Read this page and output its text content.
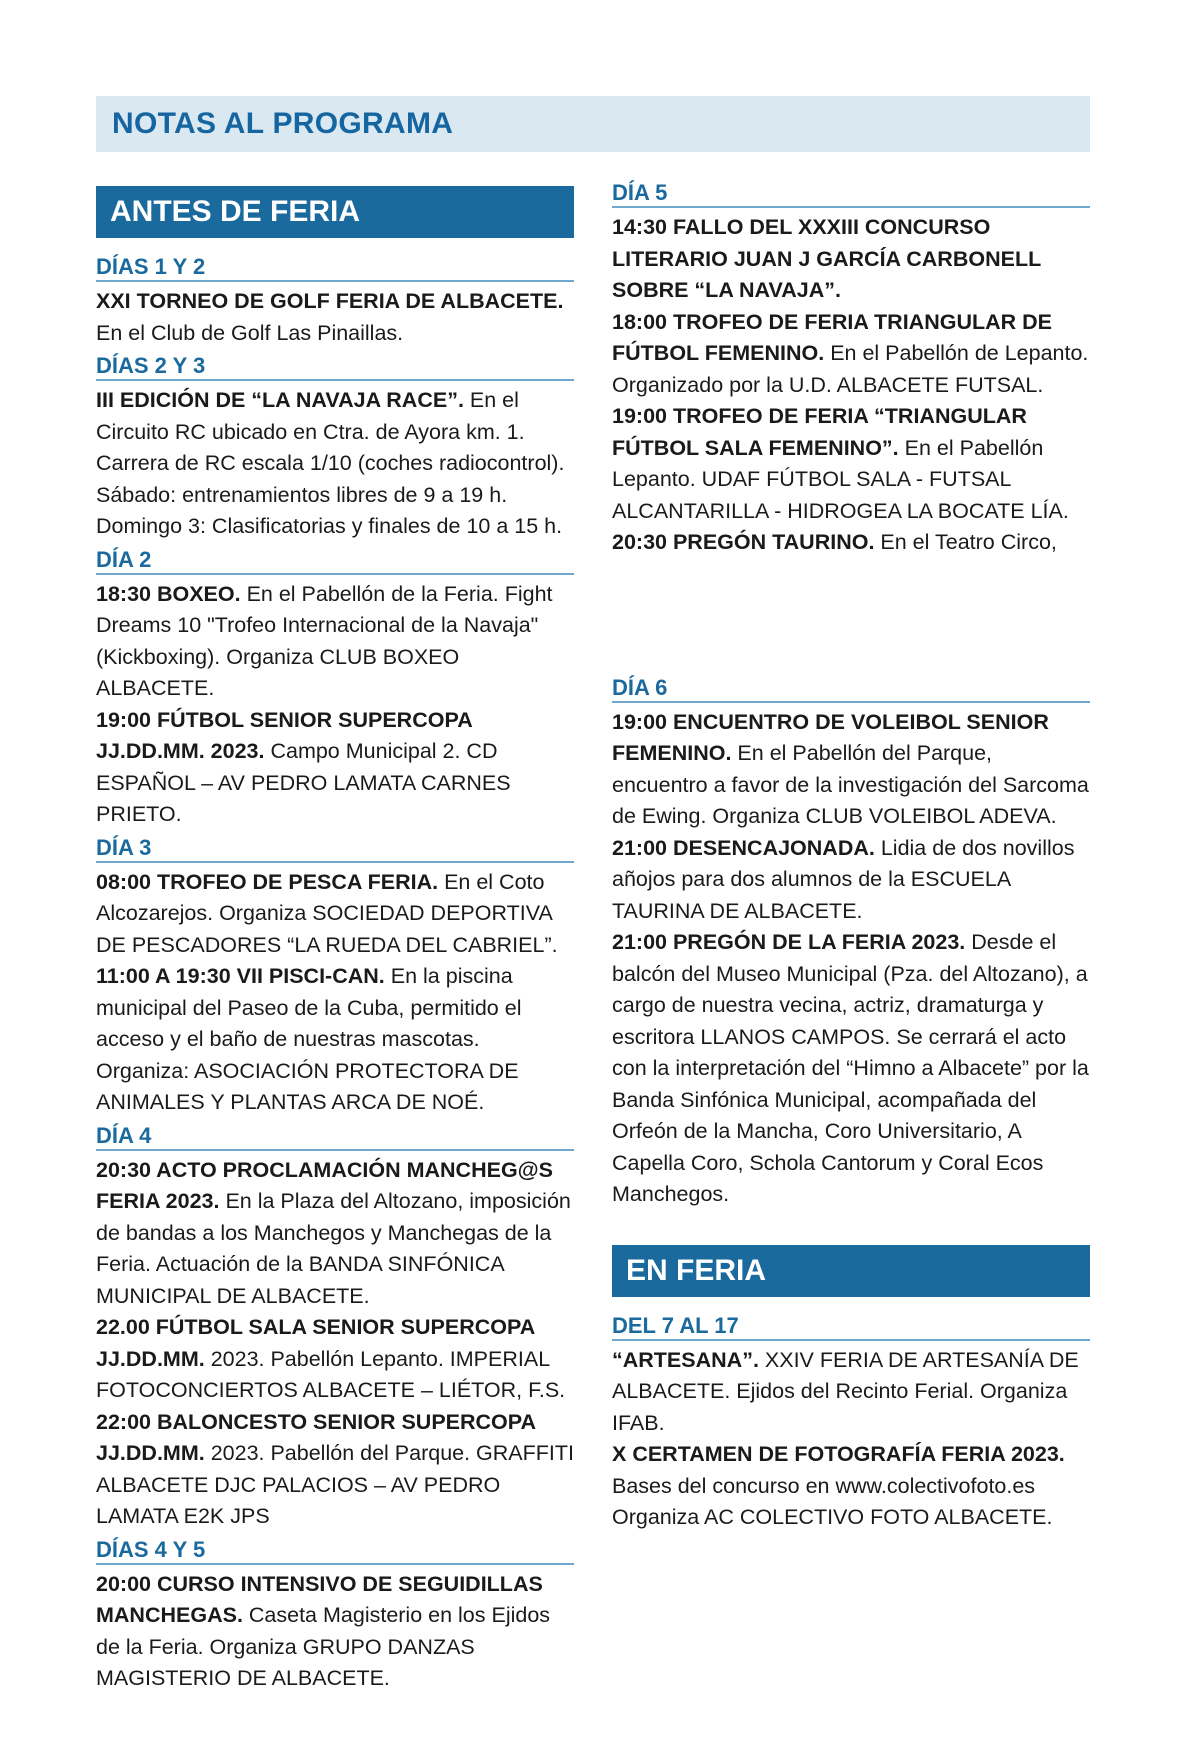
NOTAS AL PROGRAMA
ANTES DE FERIA
DÍAS 1 Y 2
XXI TORNEO DE GOLF FERIA DE ALBACETE. En el Club de Golf Las Pinaillas.
DÍAS 2 Y 3
III EDICIÓN DE “LA NAVAJA RACE”. En el Circuito RC ubicado en Ctra. de Ayora km. 1. Carrera de RC escala 1/10 (coches radiocontrol). Sábado: entrenamientos libres de 9 a 19 h. Domingo 3: Clasificatorias y finales de 10 a 15 h.
DÍA 2
18:30 BOXEO. En el Pabellón de la Feria. Fight Dreams 10 "Trofeo Internacional de la Navaja" (Kickboxing). Organiza CLUB BOXEO ALBACETE.
19:00 FÚTBOL SENIOR SUPERCOPA JJ.DD.MM. 2023. Campo Municipal 2. CD ESPAÑOL – AV PEDRO LAMATA CARNES PRIETO.
DÍA 3
08:00 TROFEO DE PESCA FERIA. En el Coto Alcozarejos. Organiza SOCIEDAD DEPORTIVA DE PESCADORES “LA RUEDA DEL CABRIEL”.
11:00 A 19:30 VII PISCI-CAN. En la piscina municipal del Paseo de la Cuba, permitido el acceso y el baño de nuestras mascotas. Organiza: ASOCIACIÓN PROTECTORA DE ANIMALES Y PLANTAS ARCA DE NOÉ.
DÍA 4
20:30 ACTO PROCLAMACIÓN MANCHEG@S FERIA 2023. En la Plaza del Altozano, imposición de bandas a los Manchegos y Manchegas de la Feria. Actuación de la BANDA SINFÓNICA MUNICIPAL DE ALBACETE.
22.00 FÚTBOL SALA SENIOR SUPERCOPA JJ.DD.MM. 2023. Pabellón Lepanto. IMPERIAL FOTOCONCIERTOS ALBACETE – LIÉTOR, F.S.
22:00 BALONCESTO SENIOR SUPERCOPA JJ.DD.MM. 2023. Pabellón del Parque. GRAFFITI ALBACETE DJC PALACIOS – AV PEDRO LAMATA E2K JPS
DÍAS 4 Y 5
20:00 CURSO INTENSIVO DE SEGUIDILLAS MANCHEGAS. Caseta Magisterio en los Ejidos de la Feria. Organiza GRUPO DANZAS MAGISTERIO DE ALBACETE.
DÍA 5
14:30 FALLO DEL XXXIII CONCURSO LITERARIO JUAN J GARCÍA CARBONELL SOBRE “LA NAVAJA”.
18:00 TROFEO DE FERIA TRIANGULAR DE FÚTBOL FEMENINO. En el Pabellón de Lepanto. Organizado por la U.D. ALBACETE FUTSAL.
19:00 TROFEO DE FERIA “TRIANGULAR FÚTBOL SALA FEMENINO”. En el Pabellón Lepanto. UDAF FÚTBOL SALA - FUTSAL ALCANTARILLA - HIDROGEA LA BOCATE LÍA.
20:30 PREGÓN TAURINO. En el Teatro Circo,
DÍA 6
19:00 ENCUENTRO DE VOLEIBOL SENIOR FEMENINO. En el Pabellón del Parque, encuentro a favor de la investigación del Sarcoma de Ewing. Organiza CLUB VOLEIBOL ADEVA.
21:00 DESENCAJONADA. Lidia de dos novillos añojos para dos alumnos de la ESCUELA TAURINA DE ALBACETE.
21:00 PREGÓN DE LA FERIA 2023. Desde el balcón del Museo Municipal (Pza. del Altozano), a cargo de nuestra vecina, actriz, dramaturga y escritora LLANOS CAMPOS. Se cerrará el acto con la interpretación del “Himno a Albacete” por la Banda Sinfónica Municipal, acompañada del Orfeón de la Mancha, Coro Universitario, A Capella Coro, Schola Cantorum y Coral Ecos Manchegos.
EN FERIA
DEL 7 AL 17
“ARTESANA”. XXIV FERIA DE ARTESANÍA DE ALBACETE. Ejidos del Recinto Ferial. Organiza IFAB.
X CERTAMEN DE FOTOGRAFÍA FERIA 2023. Bases del concurso en www.colectivofoto.es Organiza AC COLECTIVO FOTO ALBACETE.
